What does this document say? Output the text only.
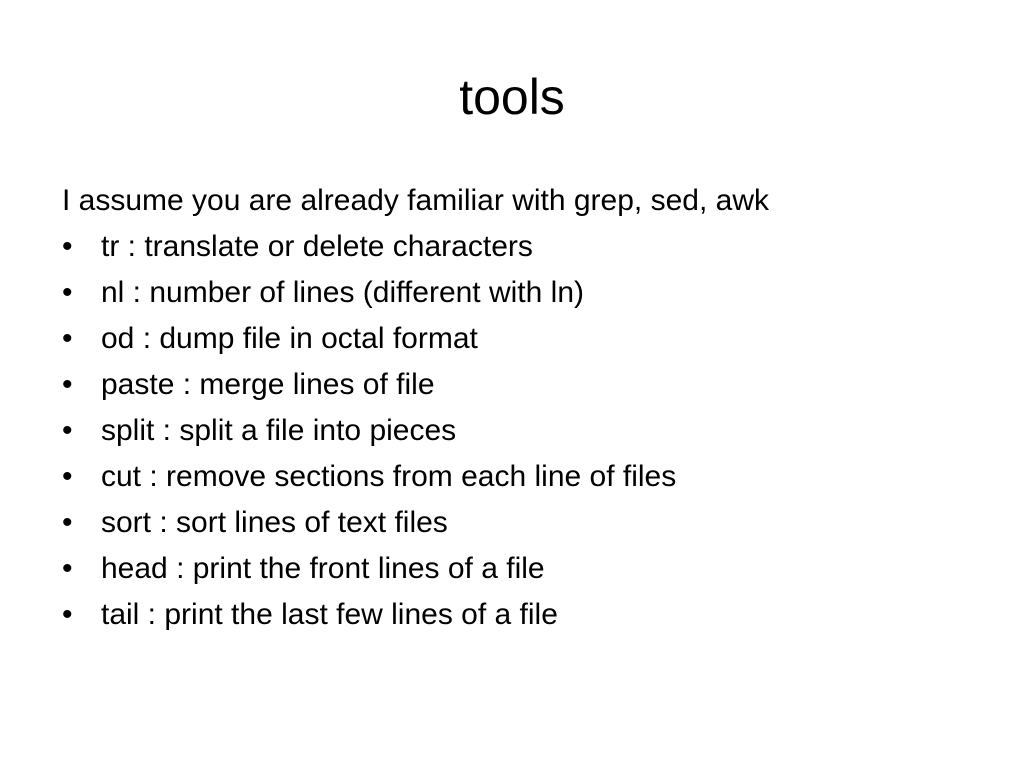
tools

I assume you are already familiar with grep, sed, awk

• tr : translate or delete characters
• nl : number of lines (different with ln)
• od : dump file in octal format
• paste : merge lines of file
• split : split a file into pieces
• cut : remove sections from each line of files
• sort : sort lines of text files
• head : print the front lines of a file
• tail : print the last few lines of a file
